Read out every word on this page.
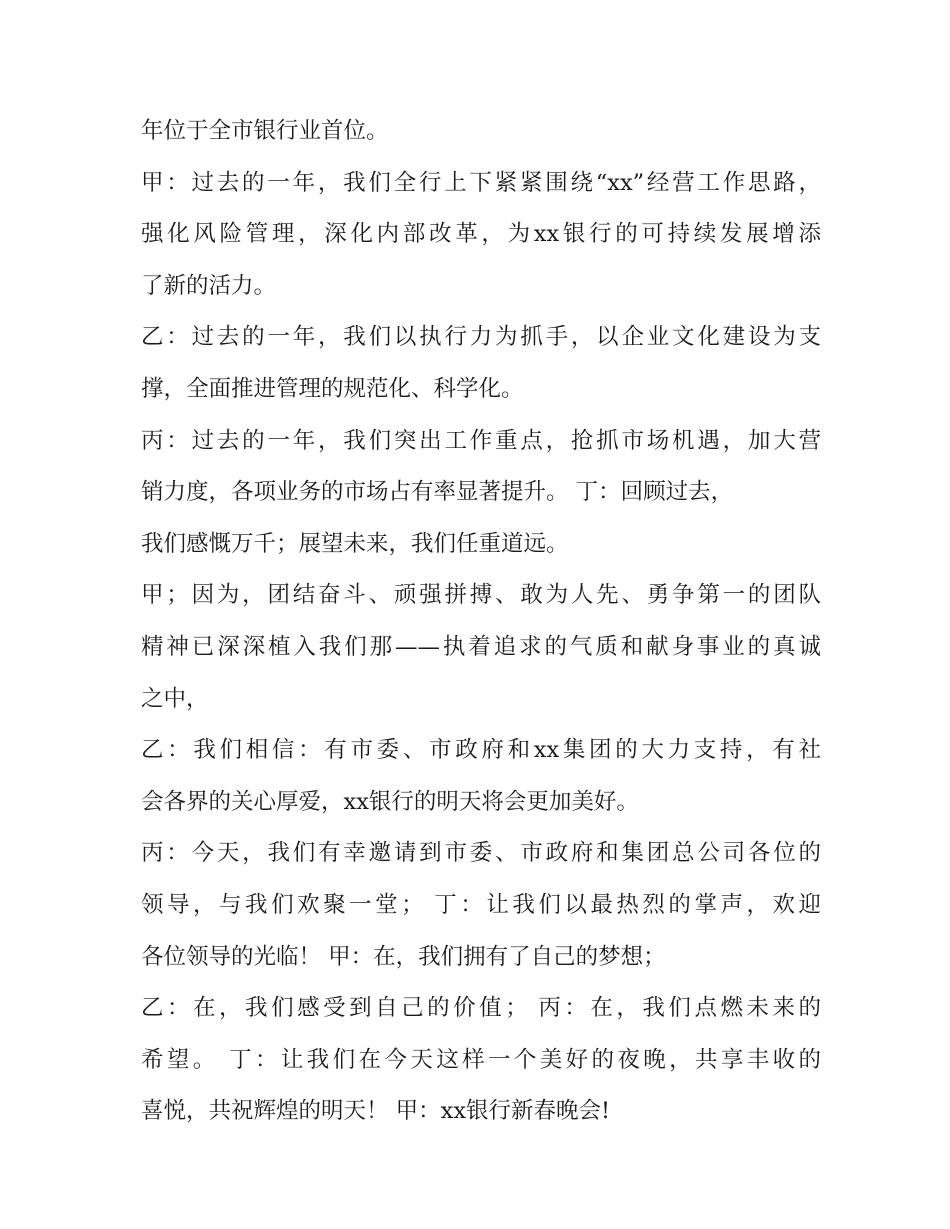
年位于全市银行业首位。
甲：过去的一年，我们全行上下紧紧围绕“xx”经营工作思路，
强化风险管理，深化内部改革，为xx银行的可持续发展增添
了新的活力。
乙：过去的一年，我们以执行力为抓手，以企业文化建设为支
撑，全面推进管理的规范化、科学化。
丙：过去的一年，我们突出工作重点，抢抓市场机遇，加大营
销力度，各项业务的市场占有率显著提升。 丁：回顾过去，
我们感慨万千；展望未来，我们任重道远。
甲；因为，团结奋斗、顽强拼搏、敢为人先、勇争第一的团队
精神已深深植入我们那——执着追求的气质和献身事业的真诚
之中，
乙：我们相信：有市委、市政府和xx集团的大力支持，有社
会各界的关心厚爱，xx银行的明天将会更加美好。
丙：今天，我们有幸邀请到市委、市政府和集团总公司各位的
领导，与我们欢聚一堂； 丁：让我们以最热烈的掌声，欢迎
各位领导的光临！ 甲：在，我们拥有了自己的梦想；
乙：在，我们感受到自己的价值； 丙：在，我们点燃未来的
希望。 丁：让我们在今天这样一个美好的夜晚，共享丰收的
喜悦，共祝辉煌的明天！ 甲：xx银行新春晚会!
